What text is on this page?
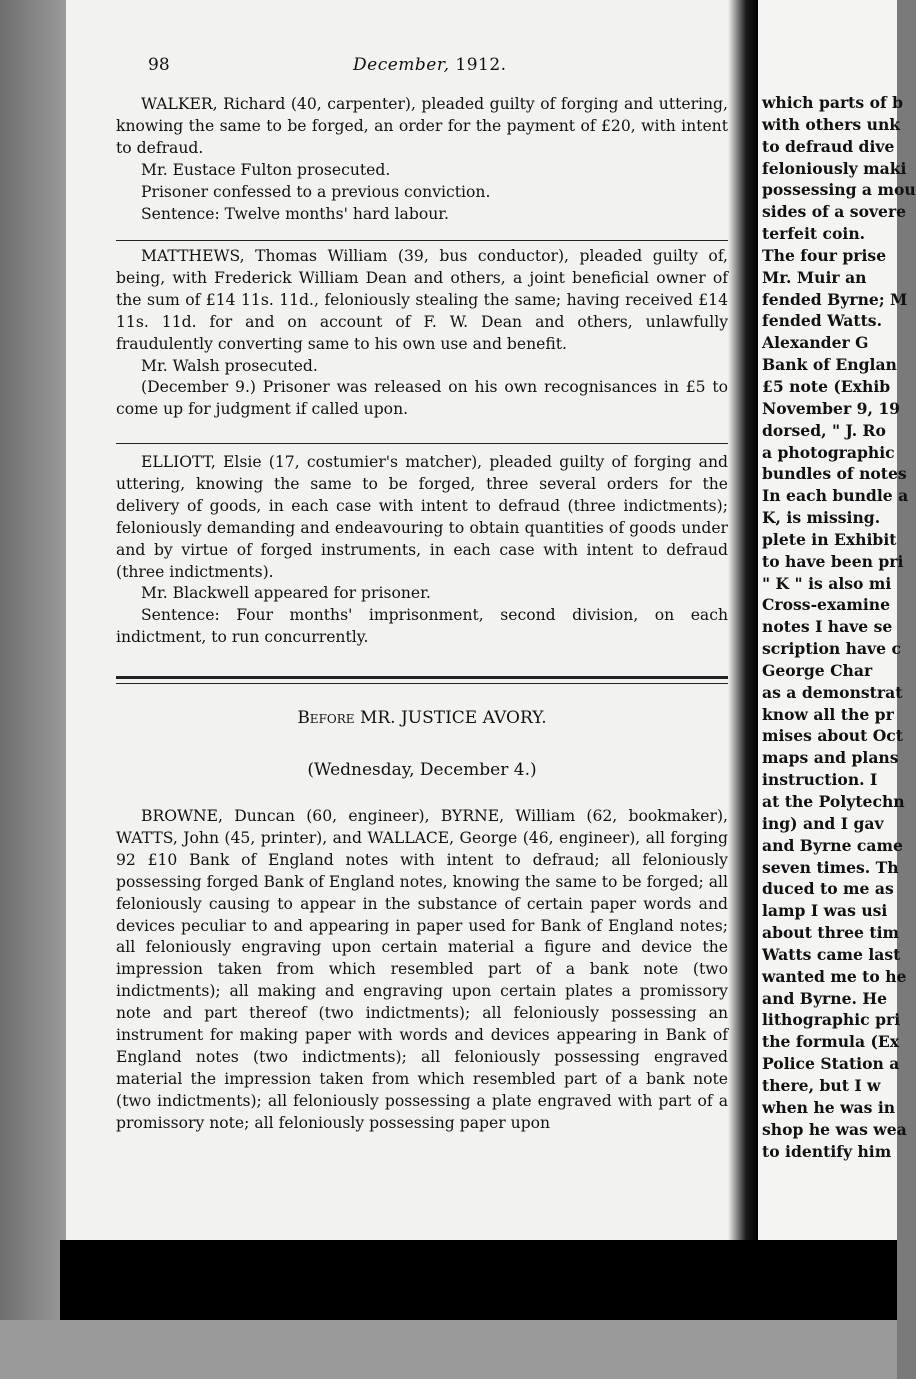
98	December, 1912.

WALKER, Richard (40, carpenter), pleaded guilty of forging and uttering, knowing the same to be forged, an order for the payment of £20, with intent to defraud.

Mr. Eustace Fulton prosecuted.

Prisoner confessed to a previous conviction.

Sentence: Twelve months' hard labour.

MATTHEWS, Thomas William (39, bus conductor), pleaded guilty of, being, with Frederick William Dean and others, a joint beneficial owner of the sum of £14 11s. 11d., feloniously stealing the same; having received £14 11s. 11d. for and on account of F. W. Dean and others, unlawfully fraudulently converting same to his own use and benefit.

Mr. Walsh prosecuted.

(December 9.) Prisoner was released on his own recognisances in £5 to come up for judgment if called upon.

ELLIOTT, Elsie (17, costumier's matcher), pleaded guilty of forging and uttering, knowing the same to be forged, three several orders for the delivery of goods, in each case with intent to defraud (three indictments); feloniously demanding and endeavouring to obtain quantities of goods under and by virtue of forged instruments, in each case with intent to defraud (three indictments).

Mr. Blackwell appeared for prisoner.

Sentence: Four months' imprisonment, second division, on each indictment, to run concurrently.

Before MR. JUSTICE AVORY.
(Wednesday, December 4.)

BROWNE, Duncan (60, engineer), BYRNE, William (62, bookmaker), WATTS, John (45, printer), and WALLACE, George (46, engineer), all forging 92 £10 Bank of England notes with intent to defraud; all feloniously possessing forged Bank of England notes, knowing the same to be forged; all feloniously causing to appear in the substance of certain paper words and devices peculiar to and appearing in paper used for Bank of England notes; all feloniously engraving upon certain material a figure and device the impression taken from which resembled part of a bank note (two indictments); all making and engraving upon certain plates a promissory note and part thereof (two indictments); all feloniously possessing an instrument for making paper with words and devices appearing in Bank of England notes (two indictments); all feloniously possessing engraved material the impression taken from which resembled part of a bank note (two indictments); all feloniously possessing a plate engraved with part of a promissory note; all feloniously possessing paper upon

which parts of b
with others unk
to defraud dive
feloniously maki
possessing a mou
sides of a sovere
terfeit coin.
The four prise
Mr. Muir an
fended Byrne; M
fended Watts.
Alexander G
Bank of Englan
£5 note (Exhib
November 9, 19
dorsed, " J. Ro
a photographic
bundles of notes
In each bundle a
K, is missing.
plete in Exhibit
to have been pri
" K " is also mi
Cross-examine
notes I have se
scription have c
George Char
as a demonstrat
know all the pr
mises about Oct
maps and plans
instruction. I
at the Polytechn
ing) and I gav
and Byrne came
seven times. Th
duced to me as
lamp I was usi
about three tim
Watts came last
wanted me to he
and Byrne. He
lithographic pri
the formula (Ex
Police Station a
there, but I w
when he was in
shop he was wea
to identify him
